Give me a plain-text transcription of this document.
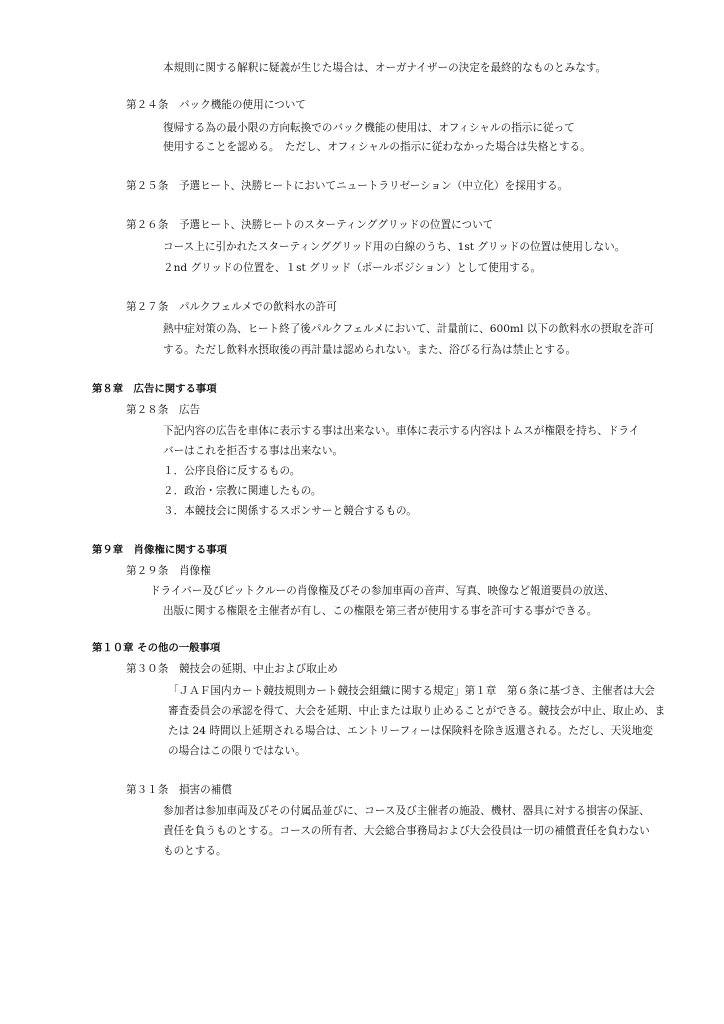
本規則に関する解釈に疑義が生じた場合は、オーガナイザーの決定を最終的なものとみなす。
第２４条　バック機能の使用について
復帰する為の最小限の方向転換でのバック機能の使用は、オフィシャルの指示に従って
使用することを認める。　ただし、オフィシャルの指示に従わなかった場合は失格とする。
第２５条　予選ヒート、決勝ヒートにおいてニュートラリゼーション（中立化）を採用する。
第２６条　予選ヒート、決勝ヒートのスターティンググリッドの位置について
コース上に引かれたスターティンググリッド用の白線のうち、1st グリッドの位置は使用しない。
２nd グリッドの位置を、１st グリッド（ポールポジション）として使用する。
第２７条　パルクフェルメでの飲料水の許可
熱中症対策の為、ヒート終了後パルクフェルメにおいて、計量前に、600ml 以下の飲料水の摂取を許可
する。ただし飲料水摂取後の再計量は認められない。また、浴びる行為は禁止とする。
第８章　広告に関する事項
第２８条　広告
下記内容の広告を車体に表示する事は出来ない。車体に表示する内容はトムスが権限を持ち、ドライ
バーはこれを拒否する事は出来ない。
１．公序良俗に反するもの。
２．政治・宗教に関連したもの。
３．本競技会に関係するスポンサーと競合するもの。
第９章　肖像権に関する事項
第２９条　肖像権
ドライバー及びピットクルーの肖像権及びその参加車両の音声、写真、映像など報道要員の放送、
出版に関する権限を主催者が有し、この権限を第三者が使用する事を許可する事ができる。
第１０章 その他の一般事項
第３０条　競技会の延期、中止および取止め
「ＪＡＦ国内カート競技規則カート競技会組織に関する規定」第１章　第６条に基づき、主催者は大会
審査委員会の承認を得て、大会を延期、中止または取り止めることができる。競技会が中止、取止め、ま
たは 24 時間以上延期される場合は、エントリーフィーは保険料を除き返還される。ただし、天災地変
の場合はこの限りではない。
第３１条　損害の補償
参加者は参加車両及びその付属品並びに、コース及び主催者の施設、機材、器具に対する損害の保証、
責任を負うものとする。コースの所有者、大会総合事務局および大会役員は一切の補償責任を負わない
ものとする。
